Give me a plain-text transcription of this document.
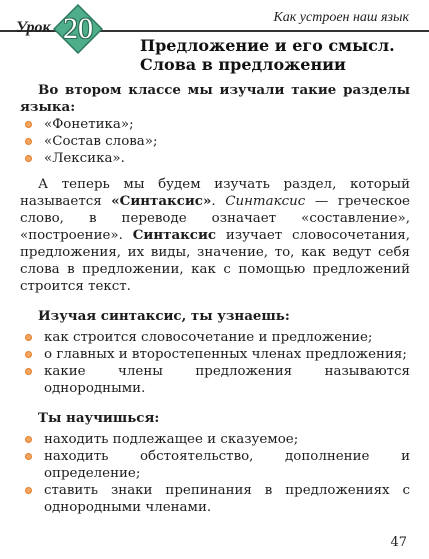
Урок 20	Как устроен наш язык
Предложение и его смысл.
Слова в предложении

Во втором классе мы изучали такие разделы языка:

«Фонетика»;
«Состав слова»;
«Лексика».

А теперь мы будем изучать раздел, который называется «Синтаксис». Синтаксис — греческое слово, в переводе означает «составление», «построение». Синтаксис изучает словосочетания, предложения, их виды, значение, то, как ведут себя слова в предложении, как с помощью предложений строится текст.

Изучая синтаксис, ты узнаешь:

как строится словосочетание и предложение;
о главных и второстепенных членах предложения;
какие члены предложения называются однородными.

Ты научишься:

находить подлежащее и сказуемое;
находить обстоятельство, дополнение и определение;
ставить знаки препинания в предложениях с однородными членами.
47
